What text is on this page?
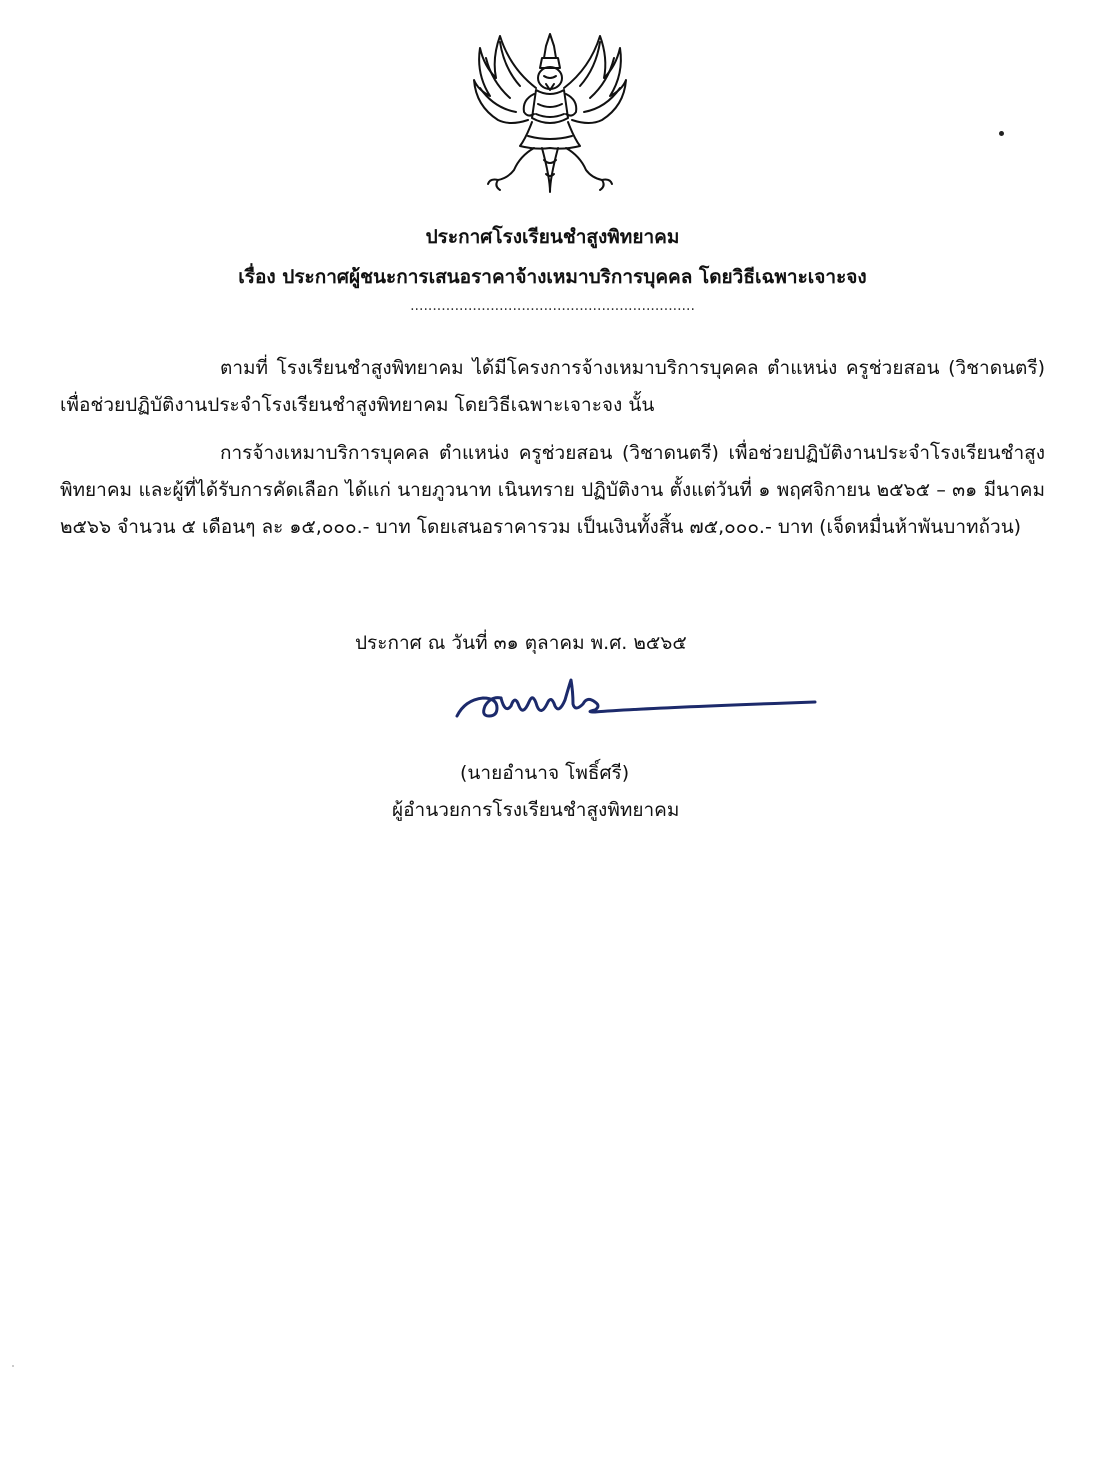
ประกาศโรงเรียนชำสูงพิทยาคม
เรื่อง ประกาศผู้ชนะการเสนอราคาจ้างเหมาบริการบุคคล โดยวิธีเฉพาะเจาะจง
................................................................
ตามที่ โรงเรียนชำสูงพิทยาคม ได้มีโครงการจ้างเหมาบริการบุคคล ตำแหน่ง ครูช่วยสอน (วิชาดนตรี) เพื่อช่วยปฏิบัติงานประจำโรงเรียนชำสูงพิทยาคม โดยวิธีเฉพาะเจาะจง นั้น
การจ้างเหมาบริการบุคคล ตำแหน่ง ครูช่วยสอน (วิชาดนตรี) เพื่อช่วยปฏิบัติงานประจำโรงเรียนชำสูงพิทยาคม และผู้ที่ได้รับการคัดเลือก ได้แก่ นายภูวนาท เนินทราย ปฏิบัติงาน ตั้งแต่วันที่ ๑ พฤศจิกายน ๒๕๖๕ – ๓๑ มีนาคม ๒๕๖๖ จำนวน ๕ เดือนๆ ละ ๑๕,๐๐๐.- บาท โดยเสนอราคารวม เป็นเงินทั้งสิ้น ๗๕,๐๐๐.- บาท (เจ็ดหมื่นห้าพันบาทถ้วน)
ประกาศ ณ วันที่ ๓๑ ตุลาคม พ.ศ. ๒๕๖๕
(นายอำนาจ โพธิ์ศรี)
ผู้อำนวยการโรงเรียนชำสูงพิทยาคม
